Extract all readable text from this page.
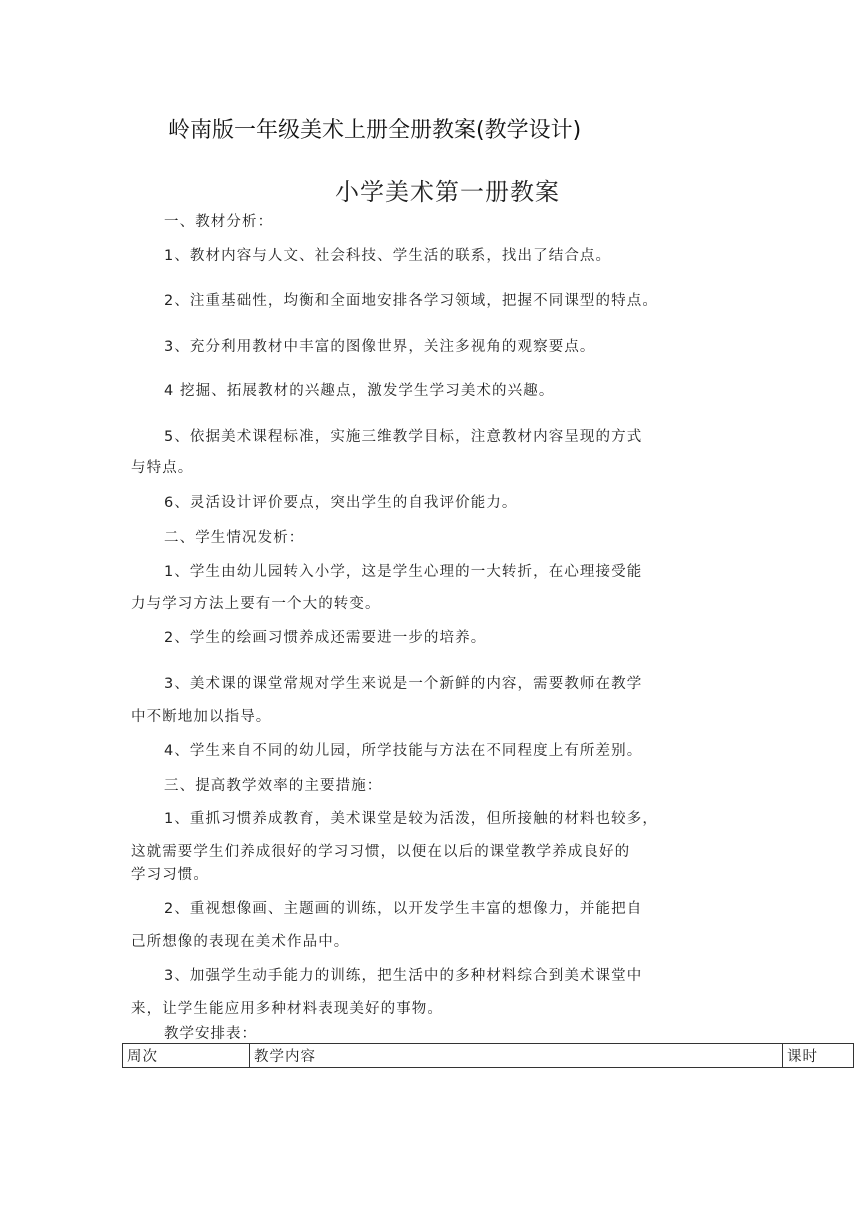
岭南版一年级美术上册全册教案(教学设计)
小学美术第一册教案
一、教材分析：
1、教材内容与人文、社会科技、学生活的联系，找出了结合点。
2、注重基础性，均衡和全面地安排各学习领域，把握不同课型的特点。
3、充分利用教材中丰富的图像世界，关注多视角的观察要点。
4 挖掘、拓展教材的兴趣点，激发学生学习美术的兴趣。
5、依据美术课程标准，实施三维教学目标，注意教材内容呈现的方式
与特点。
6、灵活设计评价要点，突出学生的自我评价能力。
二、学生情况发析：
1、学生由幼儿园转入小学，这是学生心理的一大转折，在心理接受能
力与学习方法上要有一个大的转变。
2、学生的绘画习惯养成还需要进一步的培养。
3、美术课的课堂常规对学生来说是一个新鲜的内容，需要教师在教学
中不断地加以指导。
4、学生来自不同的幼儿园，所学技能与方法在不同程度上有所差别。
三、提高教学效率的主要措施：
1、重抓习惯养成教育，美术课堂是较为活泼，但所接触的材料也较多，
这就需要学生们养成很好的学习习惯，以便在以后的课堂教学养成良好的
学习习惯。
2、重视想像画、主题画的训练，以开发学生丰富的想像力，并能把自
己所想像的表现在美术作品中。
3、加强学生动手能力的训练，把生活中的多种材料综合到美术课堂中
来，让学生能应用多种材料表现美好的事物。
教学安排表：
周次	教学内容	课时
